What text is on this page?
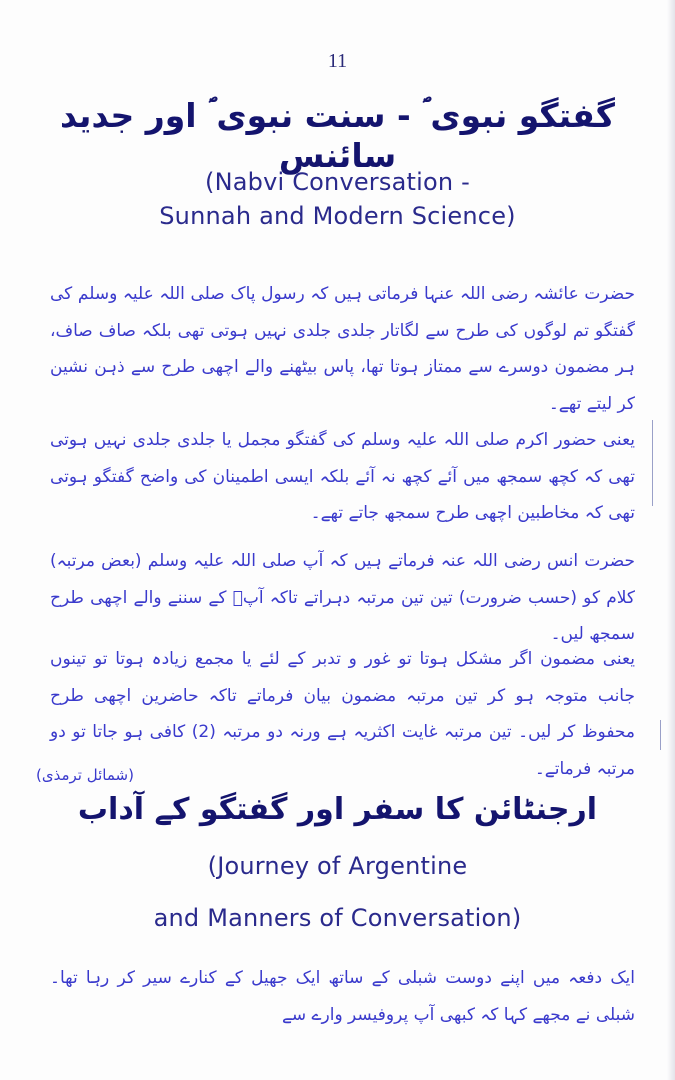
11
گفتگو نبوی ؐ - سنت نبوی ؐ اور جدید سائنس
(Nabvi Conversation -
Sunnah and Modern Science)
حضرت عائشہ رضی اللہ عنہا فرماتی ہیں کہ رسول پاک صلی اللہ علیہ وسلم کی گفتگو تم لوگوں کی طرح سے لگاتار جلدی جلدی نہیں ہوتی تھی بلکہ صاف صاف، ہر مضمون دوسرے سے ممتاز ہوتا تھا، پاس بیٹھنے والے اچھی طرح سے ذہن نشین کر لیتے تھے۔
یعنی حضور اکرم صلی اللہ علیہ وسلم کی گفتگو مجمل یا جلدی جلدی نہیں ہوتی تھی کہ کچھ سمجھ میں آئے کچھ نہ آئے بلکہ ایسی اطمینان کی واضح گفتگو ہوتی تھی کہ مخاطبین اچھی طرح سمجھ جاتے تھے۔
حضرت انس رضی اللہ عنہ فرماتے ہیں کہ آپ صلی اللہ علیہ وسلم (بعض مرتبہ) کلام کو (حسب ضرورت) تین تین مرتبہ دہراتے تاکہ آپؐ کے سننے والے اچھی طرح سمجھ لیں۔
یعنی مضمون اگر مشکل ہوتا تو غور و تدبر کے لئے یا مجمع زیادہ ہوتا تو تینوں جانب متوجہ ہو کر تین مرتبہ مضمون بیان فرماتے تاکہ حاضرین اچھی طرح محفوظ کر لیں۔ تین مرتبہ غایت اکثریہ ہے ورنہ دو مرتبہ (2) کافی ہو جاتا تو دو مرتبہ فرماتے۔
(شمائل ترمذی)
ارجنٹائن کا سفر اور گفتگو کے آداب
(Journey of Argentine
and Manners of Conversation)
ایک دفعہ میں اپنے دوست شبلی کے ساتھ ایک جھیل کے کنارے سیر کر رہا تھا۔ شبلی نے مجھے کہا کہ کبھی آپ پروفیسر وارے سے
